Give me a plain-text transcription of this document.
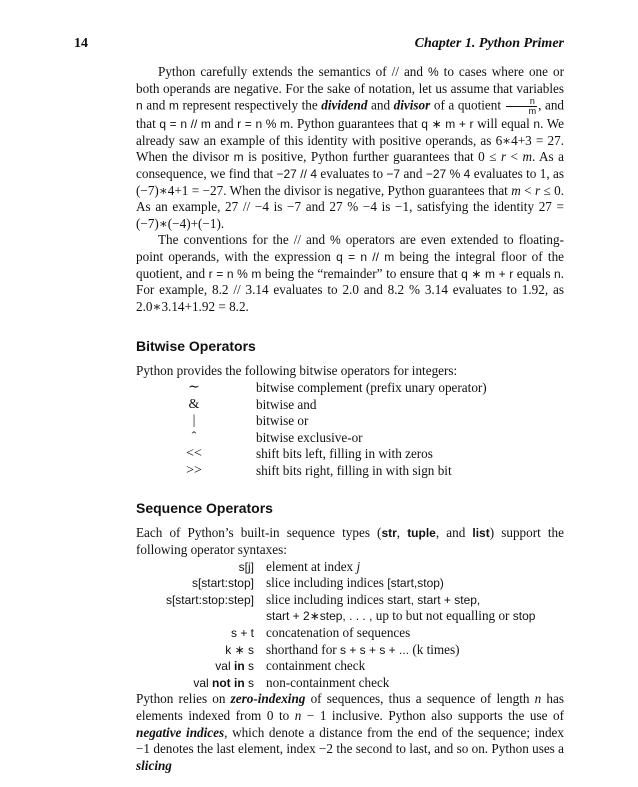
14	Chapter 1. Python Primer

Python carefully extends the semantics of // and % to cases where one or both operands are negative. For the sake of notation, let us assume that variables n and m represent respectively the dividend and divisor of a quotient $\frac{n}{m}$ , and that q = n // m and r = n % m. Python guarantees that q ∗ m + r will equal n. We already saw an example of this identity with positive operands, as 6∗4+3 = 27. When the divisor m is positive, Python further guarantees that 0 ≤ r < m. As a consequence, we find that −27 // 4 evaluates to −7 and −27 % 4 evaluates to 1, as (−7)∗4+1 = −27. When the divisor is negative, Python guarantees that m < r ≤ 0. As an example, 27 // −4 is −7 and 27 % −4 is −1, satisfying the identity 27 = (−7)∗(−4)+(−1).

The conventions for the // and % operators are even extended to floating-point operands, with the expression q = n // m being the integral floor of the quotient, and r = n % m being the “remainder” to ensure that q ∗ m + r equals n. For example, 8.2 // 3.14 evaluates to 2.0 and 8.2 % 3.14 evaluates to 1.92, as 2.0∗3.14+1.92 = 8.2.

Bitwise Operators

Python provides the following bitwise operators for integers:

∼	bitwise complement (prefix unary operator)
&	bitwise and
|	bitwise or
ˆ	bitwise exclusive-or
<<	shift bits left, filling in with zeros
>>	shift bits right, filling in with sign bit
Sequence Operators

Each of Python’s built-in sequence types (str, tuple, and list) support the following operator syntaxes:

s[j]	element at index j
s[start:stop]	slice including indices [start,stop)
s[start:stop:step]	slice including indices start, start + step,
	start + 2∗step, . . . , up to but not equalling or stop
s + t	concatenation of sequences
k ∗ s	shorthand for s + s + s + ... (k times)
val in s	containment check
val not in s	non-containment check

Python relies on zero-indexing of sequences, thus a sequence of length n has elements indexed from 0 to n − 1 inclusive. Python also supports the use of negative indices, which denote a distance from the end of the sequence; index −1 denotes the last element, index −2 the second to last, and so on. Python uses a slicing
